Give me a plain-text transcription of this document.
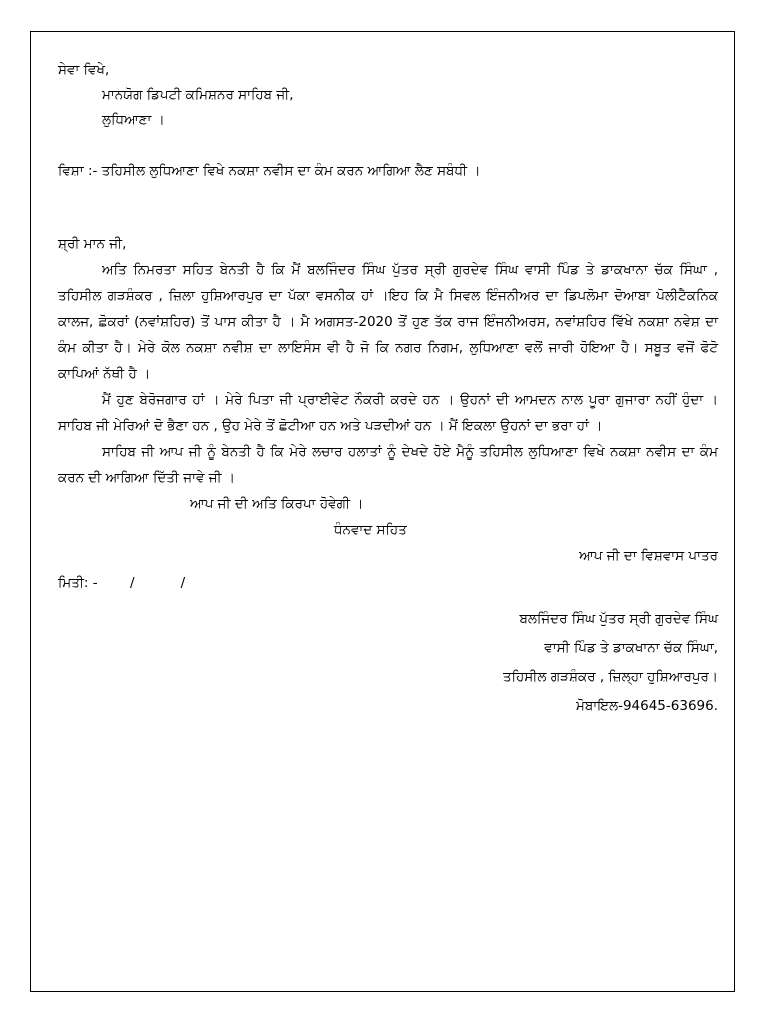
ਸੇਵਾ ਵਿਖੇ,
ਮਾਨਯੋਗ ਡਿਪਟੀ ਕਮਿਸ਼ਨਰ ਸਾਹਿਬ ਜੀ,
ਲੁਧਿਆਣਾ ।
ਵਿਸ਼ਾ :- ਤਹਿਸੀਲ ਲੁਧਿਆਣਾ ਵਿਖੇ ਨਕਸ਼ਾ ਨਵੀਸ ਦਾ ਕੰਮ ਕਰਨ ਆਗਿਆ ਲੈਣ ਸਬੰਧੀ ।
ਸ਼੍ਰੀ ਮਾਨ ਜੀ,

ਅਤਿ ਨਿਮਰਤਾ ਸਹਿਤ ਬੇਨਤੀ ਹੈ ਕਿ ਮੈਂ ਬਲਜਿੰਦਰ ਸਿੰਘ ਪੁੱਤਰ ਸ੍ਰੀ ਗੁਰਦੇਵ ਸਿੰਘ ਵਾਸੀ ਪਿੰਡ ਤੇ ਡਾਕਖਾਨਾ ਚੱਕ ਸਿੰਘਾ , ਤਹਿਸੀਲ ਗੜਸ਼ੰਕਰ , ਜ਼ਿਲਾ ਹੁਸ਼ਿਆਰਪੁਰ ਦਾ ਪੱਕਾ ਵਸਨੀਕ ਹਾਂ ।ਇਹ ਕਿ ਮੈ ਸਿਵਲ ਇੰਜਨੀਅਰ ਦਾ ਡਿਪਲੋਮਾ ਦੋਆਬਾ ਪੋਲੀਟੈਕਨਿਕ ਕਾਲਜ, ਛੋਕਰਾਂ (ਨਵਾਂਸ਼ਹਿਰ) ਤੋਂ ਪਾਸ ਕੀਤਾ ਹੈ । ਮੈ ਅਗਸਤ-2020 ਤੋਂ ਹੁਣ ਤੱਕ ਰਾਜ ਇੰਜਨੀਅਰਸ, ਨਵਾਂਸ਼ਹਿਰ ਵਿੱਖੇ ਨਕਸ਼ਾ ਨਵੇਸ਼ ਦਾ ਕੰਮ ਕੀਤਾ ਹੈ। ਮੇਰੇ ਕੋਲ ਨਕਸ਼ਾ ਨਵੀਸ਼ ਦਾ ਲਾਇਸੰਸ ਵੀ ਹੈ ਜੋ ਕਿ ਨਗਰ ਨਿਗਮ, ਲੁਧਿਆਣਾ ਵਲੋਂ ਜਾਰੀ ਹੋਇਆ ਹੈ। ਸਬੂਤ ਵਜੋਂ ਫੋਟੋ ਕਾਪਿਆਂ ਨੱਥੀ ਹੈ ।

ਮੈਂ ਹੁਣ ਬੇਰੋਜਗਾਰ ਹਾਂ । ਮੇਰੇ ਪਿਤਾ ਜੀ ਪ੍ਰਾਈਵੇਟ ਨੌਕਰੀ ਕਰਦੇ ਹਨ । ਉਹਨਾਂ ਦੀ ਆਮਦਨ ਨਾਲ ਪੂਰਾ ਗੁਜਾਰਾ ਨਹੀਂ ਹੁੰਦਾ । ਸਾਹਿਬ ਜੀ ਮੇਰਿਆਂ ਦੋ ਭੈਣਾ ਹਨ , ਉਹ ਮੇਰੇ ਤੋਂ ਛੋਟੀਆ ਹਨ ਅਤੇ ਪੜਦੀਆਂ ਹਨ । ਮੈਂ ਇਕਲਾ ਉਹਨਾਂ ਦਾ ਭਰਾ ਹਾਂ ।

ਸਾਹਿਬ ਜੀ ਆਪ ਜੀ ਨੂੰ ਬੇਨਤੀ ਹੈ ਕਿ ਮੇਰੇ ਲਚਾਰ ਹਲਾਤਾਂ ਨੂੰ ਦੇਖਦੇ ਹੋਏ ਮੈਨੂੰ ਤਹਿਸੀਲ ਲੁਧਿਆਣਾ ਵਿਖੇ ਨਕਸ਼ਾ ਨਵੀਸ ਦਾ ਕੰਮ ਕਰਨ ਦੀ ਆਗਿਆ ਦਿੱਤੀ ਜਾਵੇ ਜੀ ।

ਆਪ ਜੀ ਦੀ ਅਤਿ ਕਿਰਪਾ ਹੋਵੇਗੀ ।
ਧੰਨਵਾਦ ਸਹਿਤ
ਆਪ ਜੀ ਦਾ ਵਿਸ਼ਵਾਸ ਪਾਤਰ
ਮਿਤੀ: - /	/
ਬਲਜਿੰਦਰ ਸਿੰਘ ਪੁੱਤਰ ਸ੍ਰੀ ਗੁਰਦੇਵ ਸਿੰਘ
ਵਾਸੀ ਪਿੰਡ ਤੇ ਡਾਕਖਾਨਾ ਚੱਕ ਸਿੰਘਾ,
ਤਹਿਸੀਲ ਗੜਸ਼ੰਕਰ , ਜ਼ਿਲ੍ਹਾ ਹੁਸ਼ਿਆਰਪੁਰ।
ਮੋਬਾਇਲ-94645-63696.
